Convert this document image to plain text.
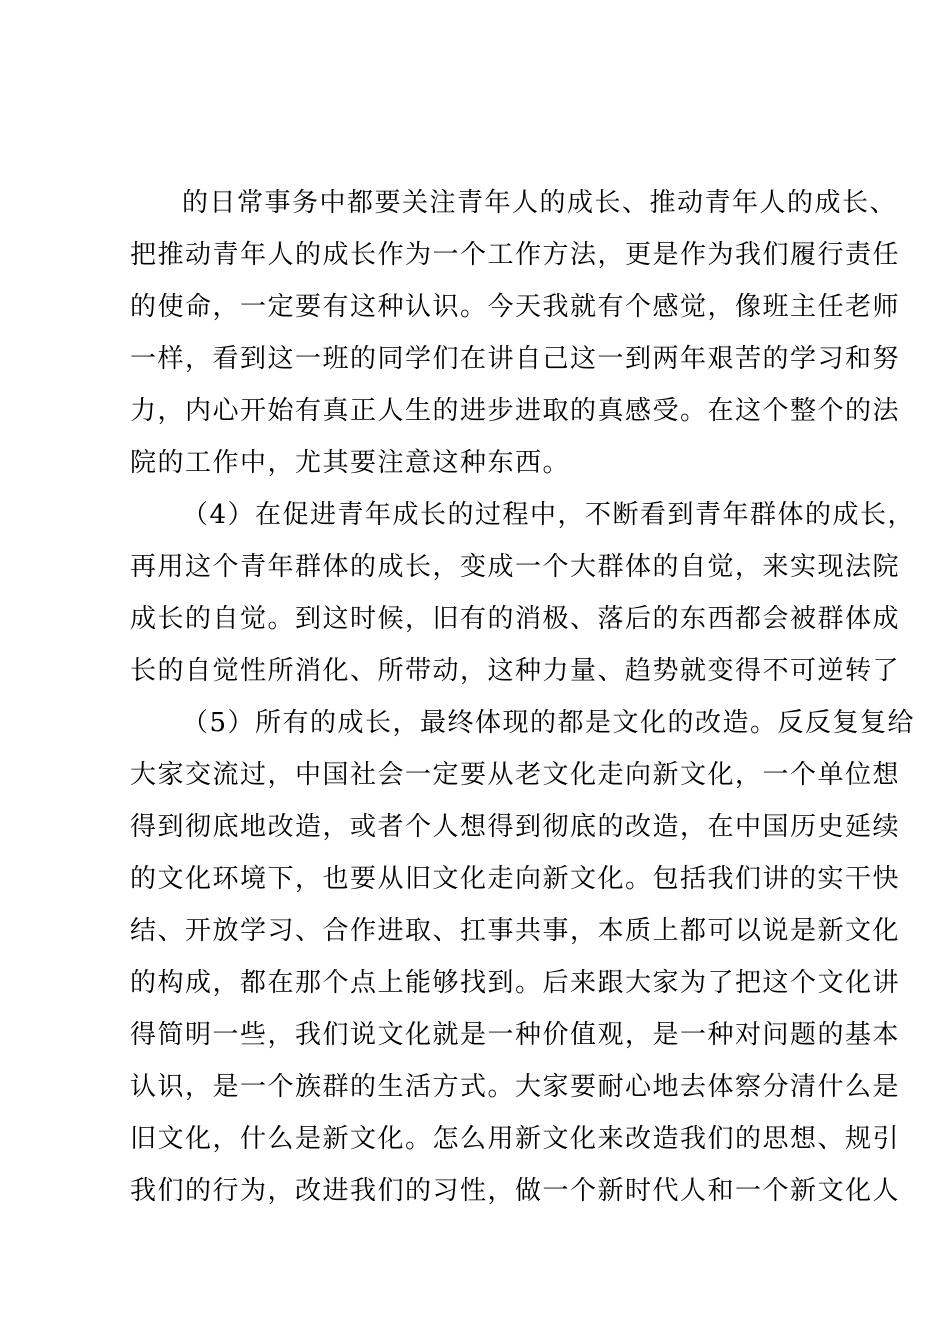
的日常事务中都要关注青年人的成长、推动青年人的成长、
把推动青年人的成长作为一个工作方法，更是作为我们履行责任
的使命，一定要有这种认识。今天我就有个感觉，像班主任老师
一样，看到这一班的同学们在讲自己这一到两年艰苦的学习和努
力，内心开始有真正人生的进步进取的真感受。在这个整个的法
院的工作中，尤其要注意这种东西。
（4）在促进青年成长的过程中，不断看到青年群体的成长，
再用这个青年群体的成长，变成一个大群体的自觉，来实现法院
成长的自觉。到这时候，旧有的消极、落后的东西都会被群体成
长的自觉性所消化、所带动，这种力量、趋势就变得不可逆转了
（5）所有的成长，最终体现的都是文化的改造。反反复复给
大家交流过，中国社会一定要从老文化走向新文化，一个单位想
得到彻底地改造，或者个人想得到彻底的改造，在中国历史延续
的文化环境下，也要从旧文化走向新文化。包括我们讲的实干快
结、开放学习、合作进取、扛事共事，本质上都可以说是新文化
的构成，都在那个点上能够找到。后来跟大家为了把这个文化讲
得简明一些，我们说文化就是一种价值观，是一种对问题的基本
认识，是一个族群的生活方式。大家要耐心地去体察分清什么是
旧文化，什么是新文化。怎么用新文化来改造我们的思想、规引
我们的行为，改进我们的习性，做一个新时代人和一个新文化人
